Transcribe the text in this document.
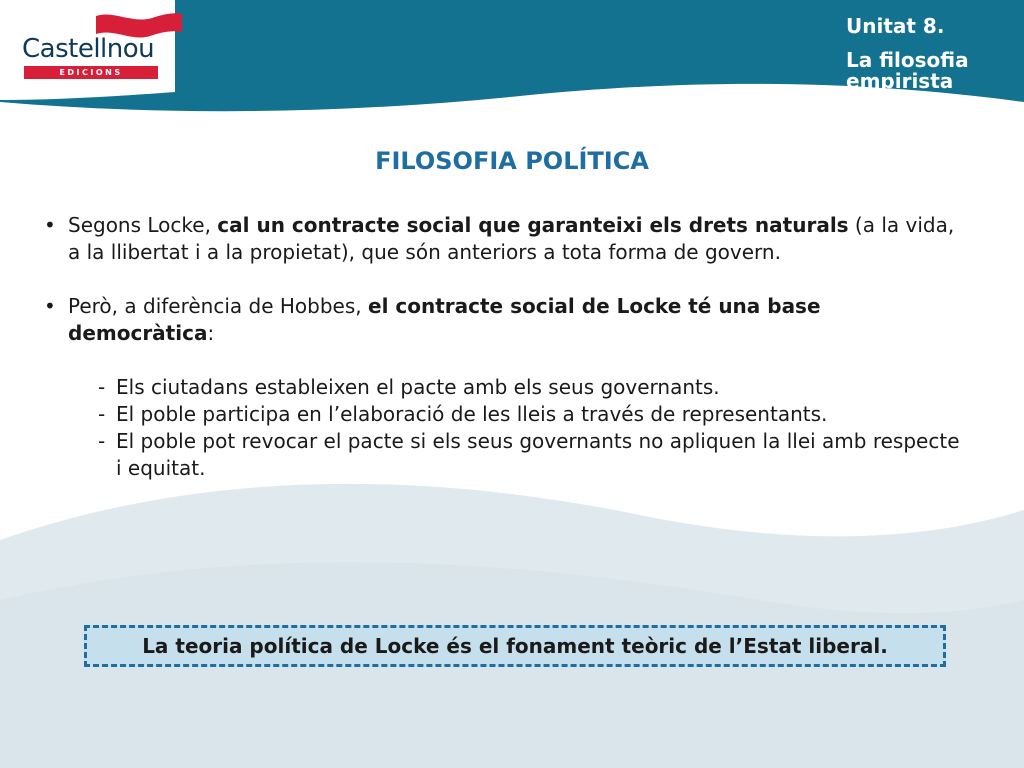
Castellnou
EDICIONS
Unitat 8.
La filosofia empirista
FILOSOFIA POLÍTICA

• Segons Locke, cal un contracte social que garanteixi els drets naturals (a la vida, a la llibertat i a la propietat), que són anteriors a tota forma de govern.

• Però, a diferència de Hobbes, el contracte social de Locke té una base democràtica:

- Els ciutadans estableixen el pacte amb els seus governants.

- El poble participa en l’elaboració de les lleis a través de representants.

- El poble pot revocar el pacte si els seus governants no apliquen la llei amb respecte i equitat.

La teoria política de Locke és el fonament teòric de l’Estat liberal.
